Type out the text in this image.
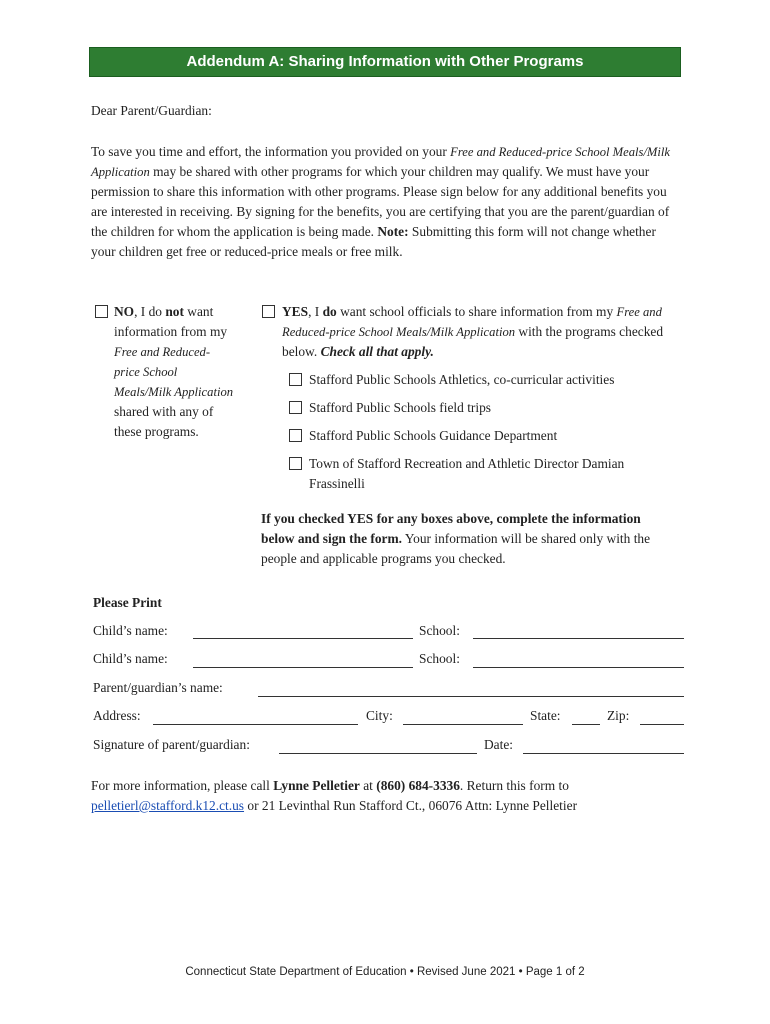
Addendum A: Sharing Information with Other Programs
Dear Parent/Guardian:
To save you time and effort, the information you provided on your Free and Reduced-price School Meals/Milk Application may be shared with other programs for which your children may qualify. We must have your permission to share this information with other programs. Please sign below for any additional benefits you are interested in receiving. By signing for the benefits, you are certifying that you are the parent/guardian of the children for whom the application is being made. Note: Submitting this form will not change whether your children get free or reduced-price meals or free milk.
NO, I do not want information from my Free and Reduced-price School Meals/Milk Application shared with any of these programs.
YES, I do want school officials to share information from my Free and Reduced-price School Meals/Milk Application with the programs checked below. Check all that apply.
Stafford Public Schools Athletics, co-curricular activities
Stafford Public Schools field trips
Stafford Public Schools Guidance Department
Town of Stafford Recreation and Athletic Director Damian Frassinelli
If you checked YES for any boxes above, complete the information below and sign the form. Your information will be shared only with the people and applicable programs you checked.
Please Print
Child’s name:	School:
Child’s name:	School:
Parent/guardian’s name:
Address:	City:	State:	Zip:
Signature of parent/guardian:	Date:
For more information, please call Lynne Pelletier at (860) 684-3336. Return this form to pelletierl@stafford.k12.ct.us or 21 Levinthal Run Stafford Ct., 06076 Attn: Lynne Pelletier
Connecticut State Department of Education • Revised June 2021 • Page 1 of 2
